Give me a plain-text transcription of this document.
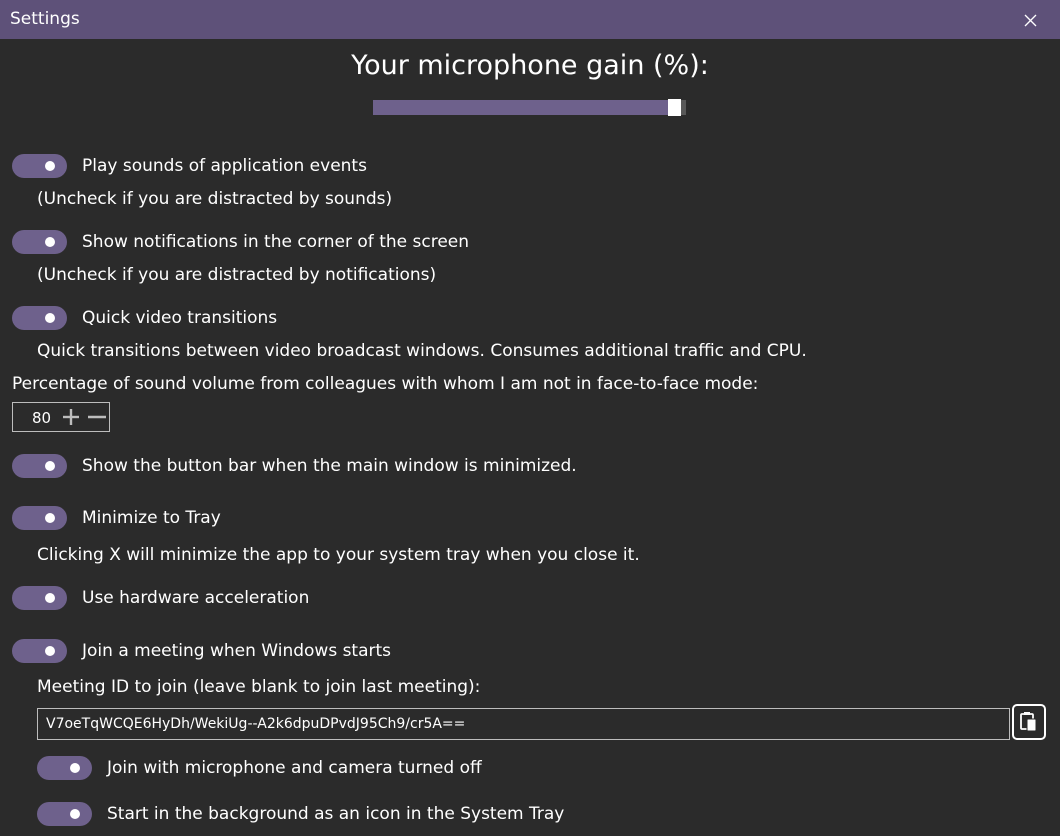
Settings
Your microphone gain (%):
Play sounds of application events
(Uncheck if you are distracted by sounds)
Show notifications in the corner of the screen
(Uncheck if you are distracted by notifications)
Quick video transitions
Quick transitions between video broadcast windows. Consumes additional traffic and CPU.
Percentage of sound volume from colleagues with whom I am not in face-to-face mode:
80
Show the button bar when the main window is minimized.
Minimize to Tray
Clicking X will minimize the app to your system tray when you close it.
Use hardware acceleration
Join a meeting when Windows starts
Meeting ID to join (leave blank to join last meeting):
V7oeTqWCQE6HyDh/WekiUg--A2k6dpuDPvdJ95Ch9/cr5A==
Join with microphone and camera turned off
Start in the background as an icon in the System Tray
